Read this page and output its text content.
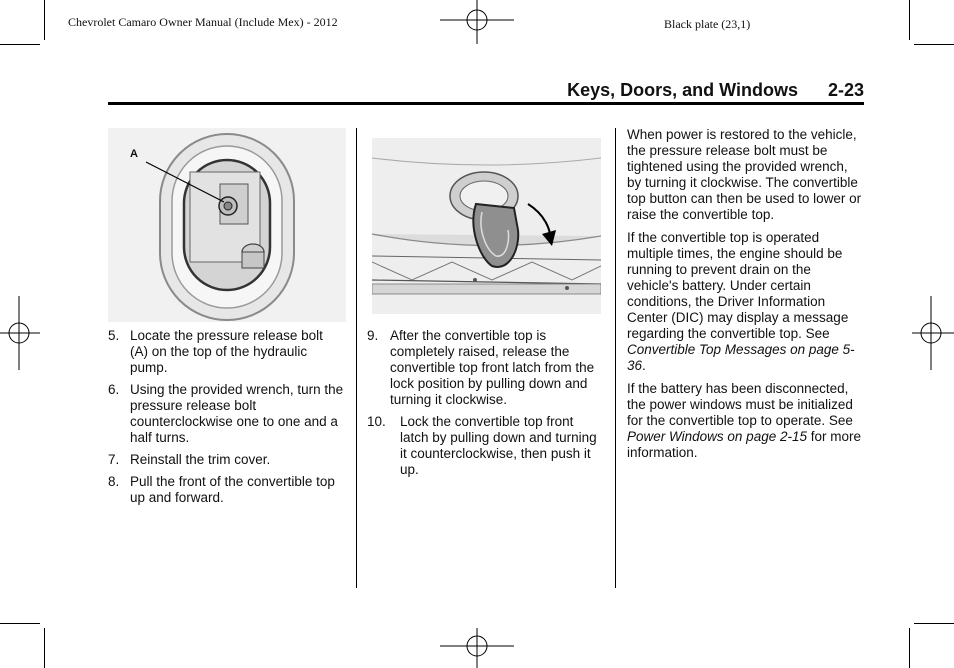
Chevrolet Camaro Owner Manual (Include Mex) - 2012	Black plate (23,1)
Keys, Doors, and Windows 2-23
A
5. Locate the pressure release bolt (A) on the top of the hydraulic pump.
6. Using the provided wrench, turn the pressure release bolt counterclockwise one to one and a half turns.
7. Reinstall the trim cover.
8. Pull the front of the convertible top up and forward.
9. After the convertible top is completely raised, release the convertible top front latch from the lock position by pulling down and turning it clockwise.
10. Lock the convertible top front latch by pulling down and turning it counterclockwise, then push it up.

When power is restored to the vehicle, the pressure release bolt must be tightened using the provided wrench, by turning it clockwise. The convertible top button can then be used to lower or raise the convertible top.

If the convertible top is operated multiple times, the engine should be running to prevent drain on the vehicle's battery. Under certain conditions, the Driver Information Center (DIC) may display a message regarding the convertible top. See Convertible Top Messages on page 5-36.

If the battery has been disconnected, the power windows must be initialized for the convertible top to operate. See Power Windows on page 2-15 for more information.
